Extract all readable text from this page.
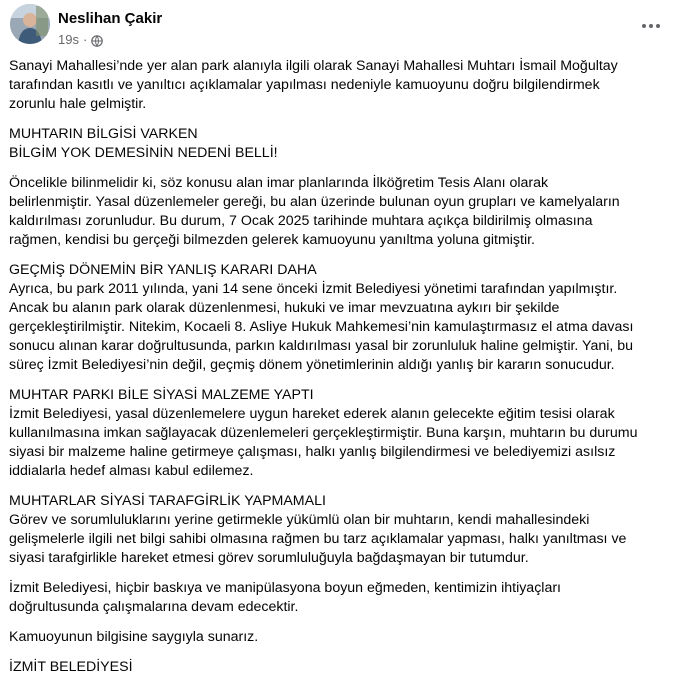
Neslihan Çakir
19s ·

Sanayi Mahallesi’nde yer alan park alanıyla ilgili olarak Sanayi Mahallesi Muhtarı İsmail Moğultay
tarafından kasıtlı ve yanıltıcı açıklamalar yapılması nedeniyle kamuoyunu doğru bilgilendirmek
zorunlu hale gelmiştir.

MUHTARIN BİLGİSİ VARKEN
BİLGİM YOK DEMESİNİN NEDENİ BELLİ!

Öncelikle bilinmelidir ki, söz konusu alan imar planlarında İlköğretim Tesis Alanı olarak
belirlenmiştir. Yasal düzenlemeler gereği, bu alan üzerinde bulunan oyun grupları ve kamelyaların
kaldırılması zorunludur. Bu durum, 7 Ocak 2025 tarihinde muhtara açıkça bildirilmiş olmasına
rağmen, kendisi bu gerçeği bilmezden gelerek kamuoyunu yanıltma yoluna gitmiştir.

GEÇMİŞ DÖNEMİN BİR YANLIŞ KARARI DAHA
Ayrıca, bu park 2011 yılında, yani 14 sene önceki İzmit Belediyesi yönetimi tarafından yapılmıştır.
Ancak bu alanın park olarak düzenlenmesi, hukuki ve imar mevzuatına aykırı bir şekilde
gerçekleştirilmiştir. Nitekim, Kocaeli 8. Asliye Hukuk Mahkemesi’nin kamulaştırmasız el atma davası
sonucu alınan karar doğrultusunda, parkın kaldırılması yasal bir zorunluluk haline gelmiştir. Yani, bu
süreç İzmit Belediyesi’nin değil, geçmiş dönem yönetimlerinin aldığı yanlış bir kararın sonucudur.

MUHTAR PARKI BİLE SİYASİ MALZEME YAPTI
İzmit Belediyesi, yasal düzenlemelere uygun hareket ederek alanın gelecekte eğitim tesisi olarak
kullanılmasına imkan sağlayacak düzenlemeleri gerçekleştirmiştir. Buna karşın, muhtarın bu durumu
siyasi bir malzeme haline getirmeye çalışması, halkı yanlış bilgilendirmesi ve belediyemizi asılsız
iddialarla hedef alması kabul edilemez.

MUHTARLAR SİYASİ TARAFGİRLİK YAPMAMALI
Görev ve sorumluluklarını yerine getirmekle yükümlü olan bir muhtarın, kendi mahallesindeki
gelişmelerle ilgili net bilgi sahibi olmasına rağmen bu tarz açıklamalar yapması, halkı yanıltması ve
siyasi tarafgirlikle hareket etmesi görev sorumluluğuyla bağdaşmayan bir tutumdur.

İzmit Belediyesi, hiçbir baskıya ve manipülasyona boyun eğmeden, kentimizin ihtiyaçları
doğrultusunda çalışmalarına devam edecektir.

Kamuoyunun bilgisine saygıyla sunarız.

İZMİT BELEDİYESİ
